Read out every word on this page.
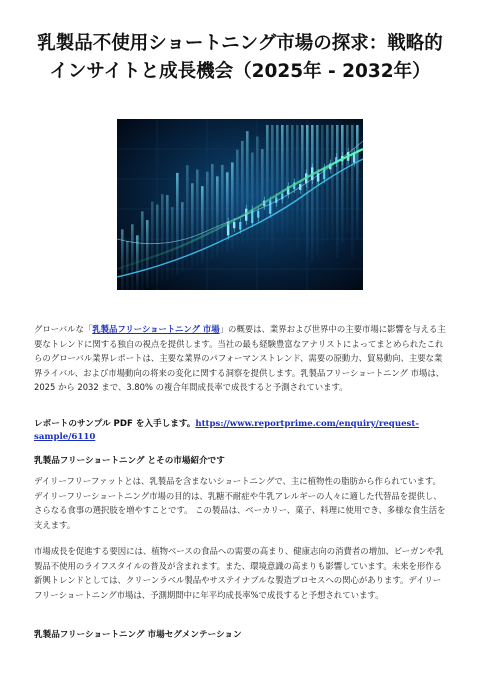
乳製品不使用ショートニング市場の探求：戦略的インサイトと成長機会（2025年 - 2032年）

グローバルな「乳製品フリーショートニング 市場」の概要は、業界および世界中の主要市場に影響を与える主要なトレンドに関する独自の視点を提供します。当社の最も経験豊富なアナリストによってまとめられたこれらのグローバル業界レポートは、主要な業界のパフォーマンストレンド、需要の原動力、貿易動向、主要な業界ライバル、および市場動向の将来の変化に関する洞察を提供します。乳製品フリーショートニング 市場は、2025 から 2032 まで、3.80% の複合年間成長率で成長すると予測されています。

レポートのサンプル PDF を入手します。https://www.reportprime.com/enquiry/request-sample/6110

乳製品フリーショートニング とその市場紹介です

デイリーフリーファットとは、乳製品を含まないショートニングで、主に植物性の脂肪から作られています。デイリーフリーショートニング市場の目的は、乳糖不耐症や牛乳アレルギーの人々に適した代替品を提供し、さらなる食事の選択肢を増やすことです。 この製品は、ベーカリー、菓子、料理に使用でき、多様な食生活を支えます。

市場成長を促進する要因には、植物ベースの食品への需要の高まり、健康志向の消費者の増加、ビーガンや乳製品不使用のライフスタイルの普及が含まれます。また、環境意識の高まりも影響しています。未来を形作る新興トレンドとしては、クリーンラベル製品やサステイナブルな製造プロセスへの関心があります。デイリーフリーショートニング市場は、予測期間中に年平均成長率%で成長すると予想されています。

乳製品フリーショートニング 市場セグメンテーション
